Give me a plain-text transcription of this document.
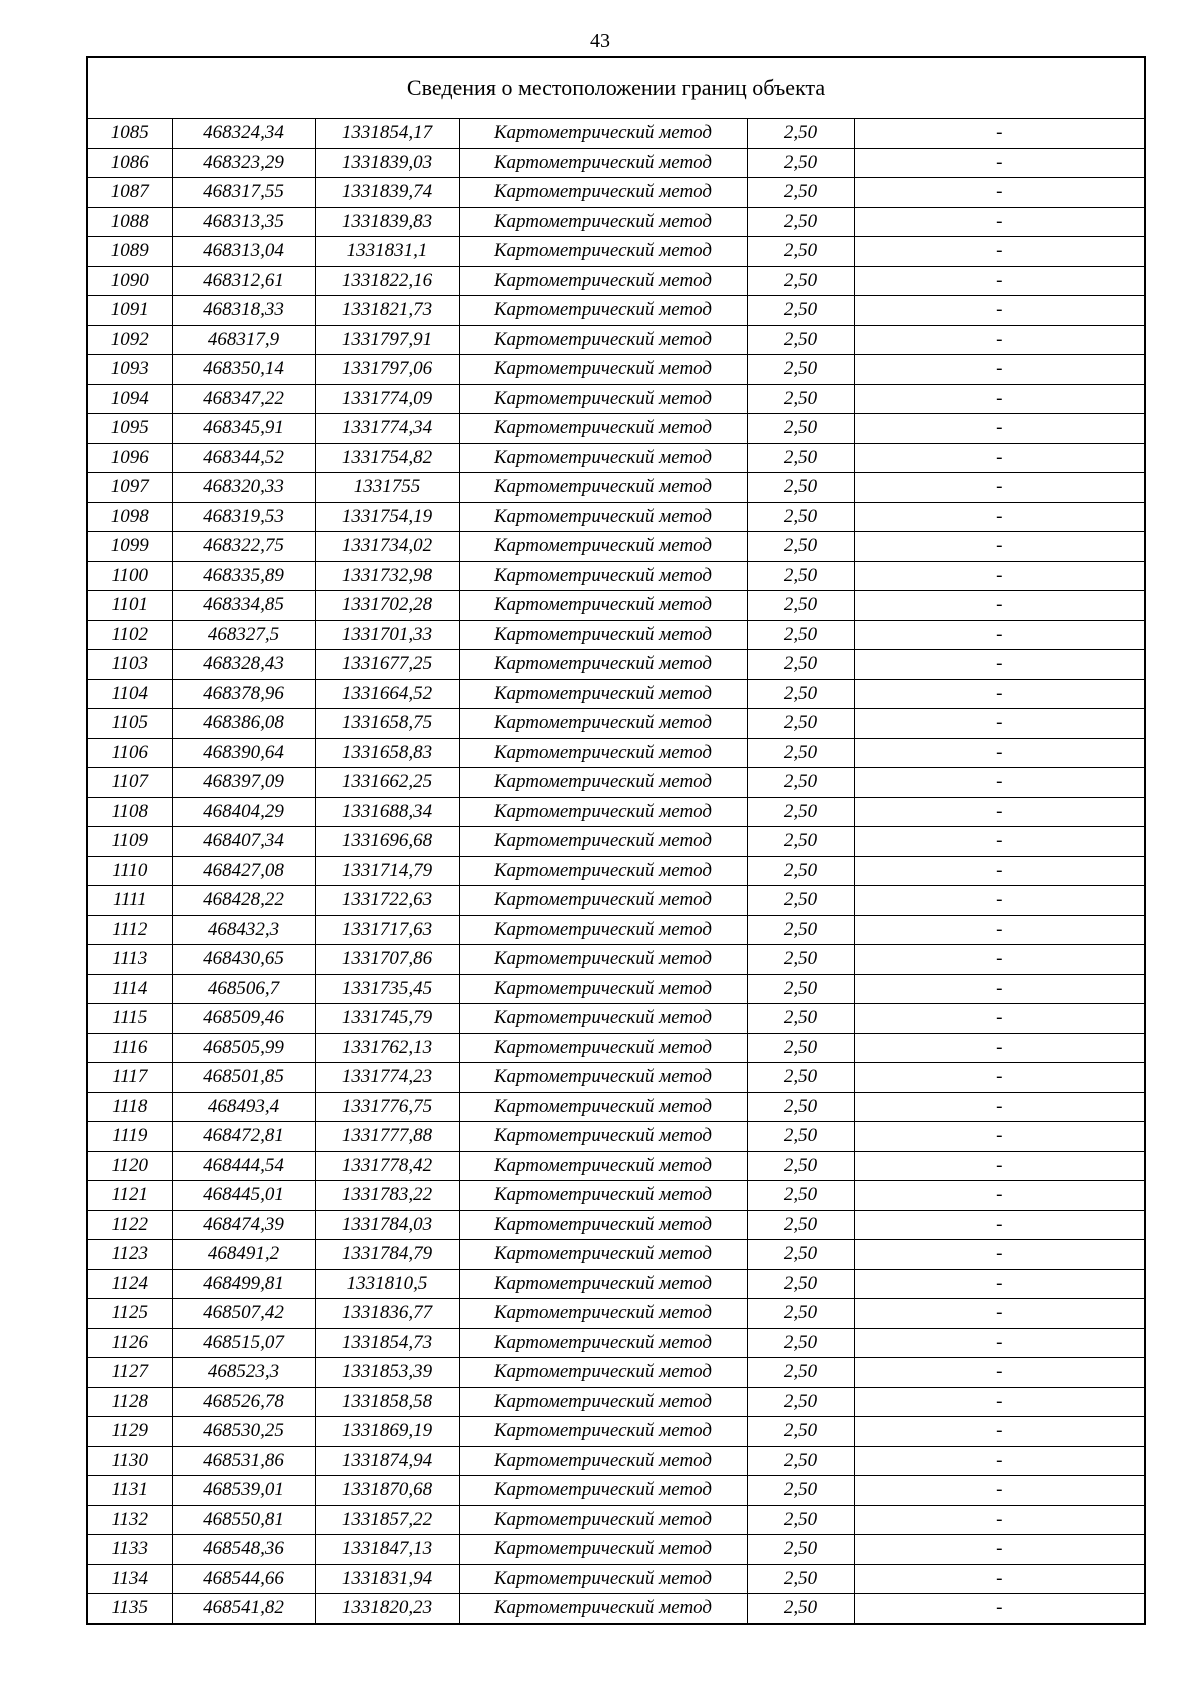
43
Сведения о местоположении границ объекта					
1085	468324,34	1331854,17	Картометрический метод	2,50	-
1086	468323,29	1331839,03	Картометрический метод	2,50	-
1087	468317,55	1331839,74	Картометрический метод	2,50	-
1088	468313,35	1331839,83	Картометрический метод	2,50	-
1089	468313,04	1331831,1	Картометрический метод	2,50	-
1090	468312,61	1331822,16	Картометрический метод	2,50	-
1091	468318,33	1331821,73	Картометрический метод	2,50	-
1092	468317,9	1331797,91	Картометрический метод	2,50	-
1093	468350,14	1331797,06	Картометрический метод	2,50	-
1094	468347,22	1331774,09	Картометрический метод	2,50	-
1095	468345,91	1331774,34	Картометрический метод	2,50	-
1096	468344,52	1331754,82	Картометрический метод	2,50	-
1097	468320,33	1331755	Картометрический метод	2,50	-
1098	468319,53	1331754,19	Картометрический метод	2,50	-
1099	468322,75	1331734,02	Картометрический метод	2,50	-
1100	468335,89	1331732,98	Картометрический метод	2,50	-
1101	468334,85	1331702,28	Картометрический метод	2,50	-
1102	468327,5	1331701,33	Картометрический метод	2,50	-
1103	468328,43	1331677,25	Картометрический метод	2,50	-
1104	468378,96	1331664,52	Картометрический метод	2,50	-
1105	468386,08	1331658,75	Картометрический метод	2,50	-
1106	468390,64	1331658,83	Картометрический метод	2,50	-
1107	468397,09	1331662,25	Картометрический метод	2,50	-
1108	468404,29	1331688,34	Картометрический метод	2,50	-
1109	468407,34	1331696,68	Картометрический метод	2,50	-
1110	468427,08	1331714,79	Картометрический метод	2,50	-
1111	468428,22	1331722,63	Картометрический метод	2,50	-
1112	468432,3	1331717,63	Картометрический метод	2,50	-
1113	468430,65	1331707,86	Картометрический метод	2,50	-
1114	468506,7	1331735,45	Картометрический метод	2,50	-
1115	468509,46	1331745,79	Картометрический метод	2,50	-
1116	468505,99	1331762,13	Картометрический метод	2,50	-
1117	468501,85	1331774,23	Картометрический метод	2,50	-
1118	468493,4	1331776,75	Картометрический метод	2,50	-
1119	468472,81	1331777,88	Картометрический метод	2,50	-
1120	468444,54	1331778,42	Картометрический метод	2,50	-
1121	468445,01	1331783,22	Картометрический метод	2,50	-
1122	468474,39	1331784,03	Картометрический метод	2,50	-
1123	468491,2	1331784,79	Картометрический метод	2,50	-
1124	468499,81	1331810,5	Картометрический метод	2,50	-
1125	468507,42	1331836,77	Картометрический метод	2,50	-
1126	468515,07	1331854,73	Картометрический метод	2,50	-
1127	468523,3	1331853,39	Картометрический метод	2,50	-
1128	468526,78	1331858,58	Картометрический метод	2,50	-
1129	468530,25	1331869,19	Картометрический метод	2,50	-
1130	468531,86	1331874,94	Картометрический метод	2,50	-
1131	468539,01	1331870,68	Картометрический метод	2,50	-
1132	468550,81	1331857,22	Картометрический метод	2,50	-
1133	468548,36	1331847,13	Картометрический метод	2,50	-
1134	468544,66	1331831,94	Картометрический метод	2,50	-
1135	468541,82	1331820,23	Картометрический метод	2,50	-
